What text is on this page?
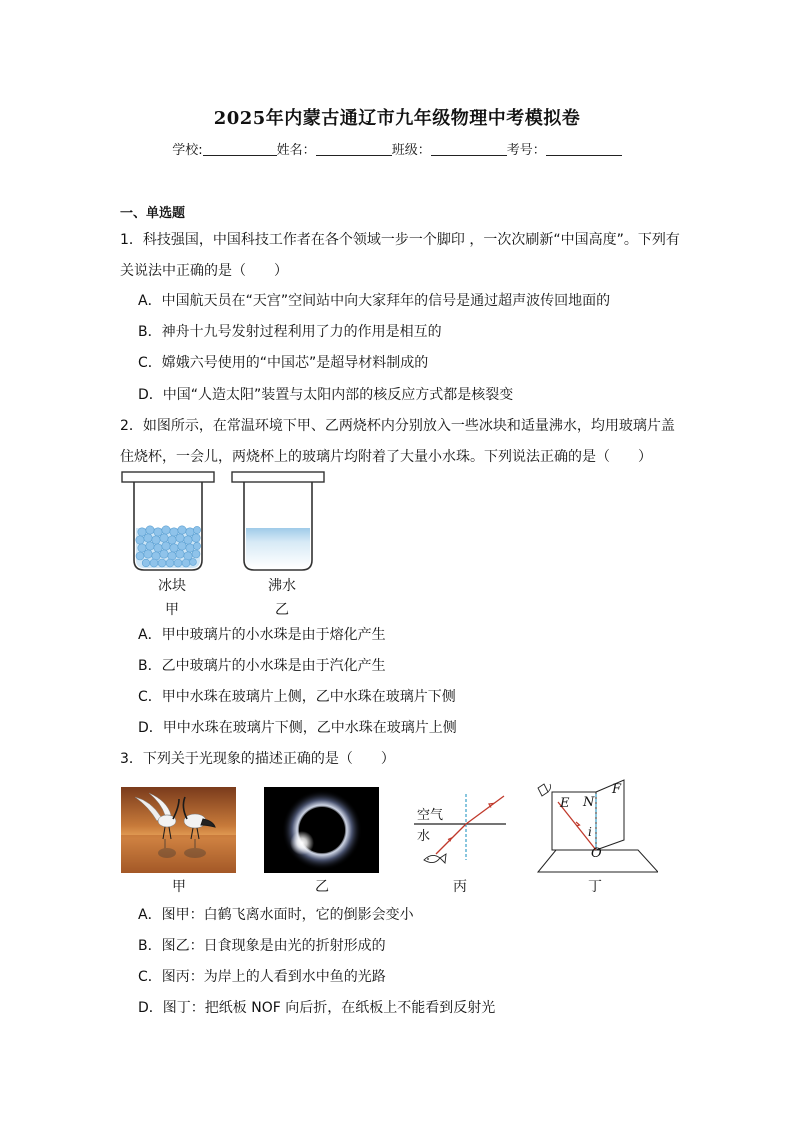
2025年内蒙古通辽市九年级物理中考模拟卷
学校:	姓名：	班级：	考号：
一、单选题
1．科技强国，中国科技工作者在各个领域一步一个脚印 ，一次次刷新“中国高度”。下列有
关说法中正确的是（　　）
A．中国航天员在“天宫”空间站中向大家拜年的信号是通过超声波传回地面的
B．神舟十九号发射过程利用了力的作用是相互的
C．嫦娥六号使用的“中国芯”是超导材料制成的
D．中国“人造太阳”装置与太阳内部的核反应方式都是核裂变
2．如图所示，在常温环境下甲、乙两烧杯内分别放入一些冰块和适量沸水，均用玻璃片盖
住烧杯，一会儿，两烧杯上的玻璃片均附着了大量小水珠。下列说法正确的是（　　）
冰块	沸水
甲	乙
A．甲中玻璃片的小水珠是由于熔化产生
B．乙中玻璃片的小水珠是由于汽化产生
C．甲中水珠在玻璃片上侧，乙中水珠在玻璃片下侧
D．甲中水珠在玻璃片下侧，乙中水珠在玻璃片上侧
3．下列关于光现象的描述正确的是（　　）
空气
水
E N
F
i
O
甲	乙	丙	丁
A．图甲：白鹤飞离水面时，它的倒影会变小
B．图乙：日食现象是由光的折射形成的
C．图丙：为岸上的人看到水中鱼的光路
D．图丁：把纸板 NOF 向后折，在纸板上不能看到反射光
